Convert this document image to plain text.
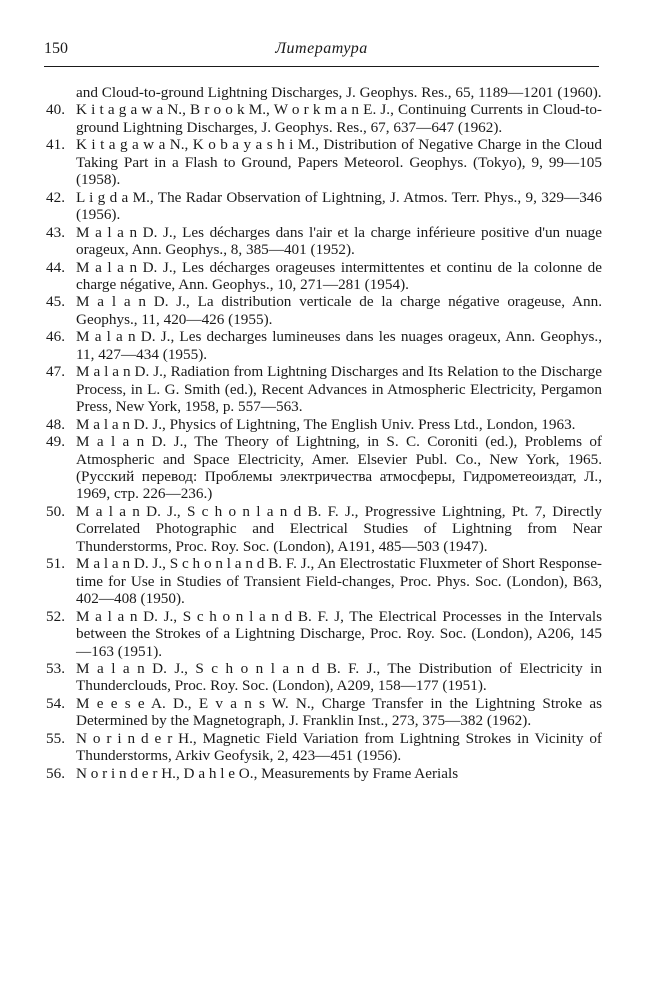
150	Литература
and Cloud-to-ground Lightning Discharges, J. Geophys. Res., 65, 1189—1201 (1960).
40. K i t a g a w a N., B r o o k M., W o r k m a n E. J., Continuing Currents in Cloud-to-ground Lightning Discharges, J. Geophys. Res., 67, 637—647 (1962).
41. K i t a g a w a N., K o b a y a s h i M., Distribution of Negative Charge in the Cloud Taking Part in a Flash to Ground, Papers Meteorol. Geophys. (Tokyo), 9, 99—105 (1958).
42. L i g d a M., The Radar Observation of Lightning, J. Atmos. Terr. Phys., 9, 329—346 (1956).
43. M a l a n D. J., Les décharges dans l'air et la charge inférieure positive d'un nuage orageux, Ann. Geophys., 8, 385—401 (1952).
44. M a l a n D. J., Les décharges orageuses intermittentes et continu de la colonne de charge négative, Ann. Geophys., 10, 271—281 (1954).
45. M a l a n D. J., La distribution verticale de la charge négative orageuse, Ann. Geophys., 11, 420—426 (1955).
46. M a l a n D. J., Les decharges lumineuses dans les nuages orageux, Ann. Geophys., 11, 427—434 (1955).
47. M a l a n D. J., Radiation from Lightning Discharges and Its Relation to the Discharge Process, in L. G. Smith (ed.), Recent Advances in Atmospheric Electricity, Pergamon Press, New York, 1958, p. 557—563.
48. M a l a n D. J., Physics of Lightning, The English Univ. Press Ltd., London, 1963.
49. M a l a n D. J., The Theory of Lightning, in S. C. Coroniti (ed.), Problems of Atmospheric and Space Electricity, Amer. Elsevier Publ. Co., New York, 1965. (Русский перевод: Проблемы электричества атмосферы, Гидрометеоиздат, Л., 1969, стр. 226—236.)
50. M a l a n D. J., S c h o n l a n d B. F. J., Progressive Lightning, Pt. 7, Directly Correlated Photographic and Electrical Studies of Lightning from Near Thunderstorms, Proc. Roy. Soc. (London), A191, 485—503 (1947).
51. M a l a n D. J., S c h o n l a n d B. F. J., An Electrostatic Fluxmeter of Short Response-time for Use in Studies of Transient Field-changes, Proc. Phys. Soc. (London), B63, 402—408 (1950).
52. M a l a n D. J., S c h o n l a n d B. F. J, The Electrical Processes in the Intervals between the Strokes of a Lightning Discharge, Proc. Roy. Soc. (London), A206, 145—163 (1951).
53. M a l a n D. J., S c h o n l a n d B. F. J., The Distribution of Electricity in Thunderclouds, Proc. Roy. Soc. (London), A209, 158—177 (1951).
54. M e e s e A. D., E v a n s W. N., Charge Transfer in the Lightning Stroke as Determined by the Magnetograph, J. Franklin Inst., 273, 375—382 (1962).
55. N o r i n d e r H., Magnetic Field Variation from Lightning Strokes in Vicinity of Thunderstorms, Arkiv Geofysik, 2, 423—451 (1956).
56. N o r i n d e r H., D a h l e O., Measurements by Frame Aerials
